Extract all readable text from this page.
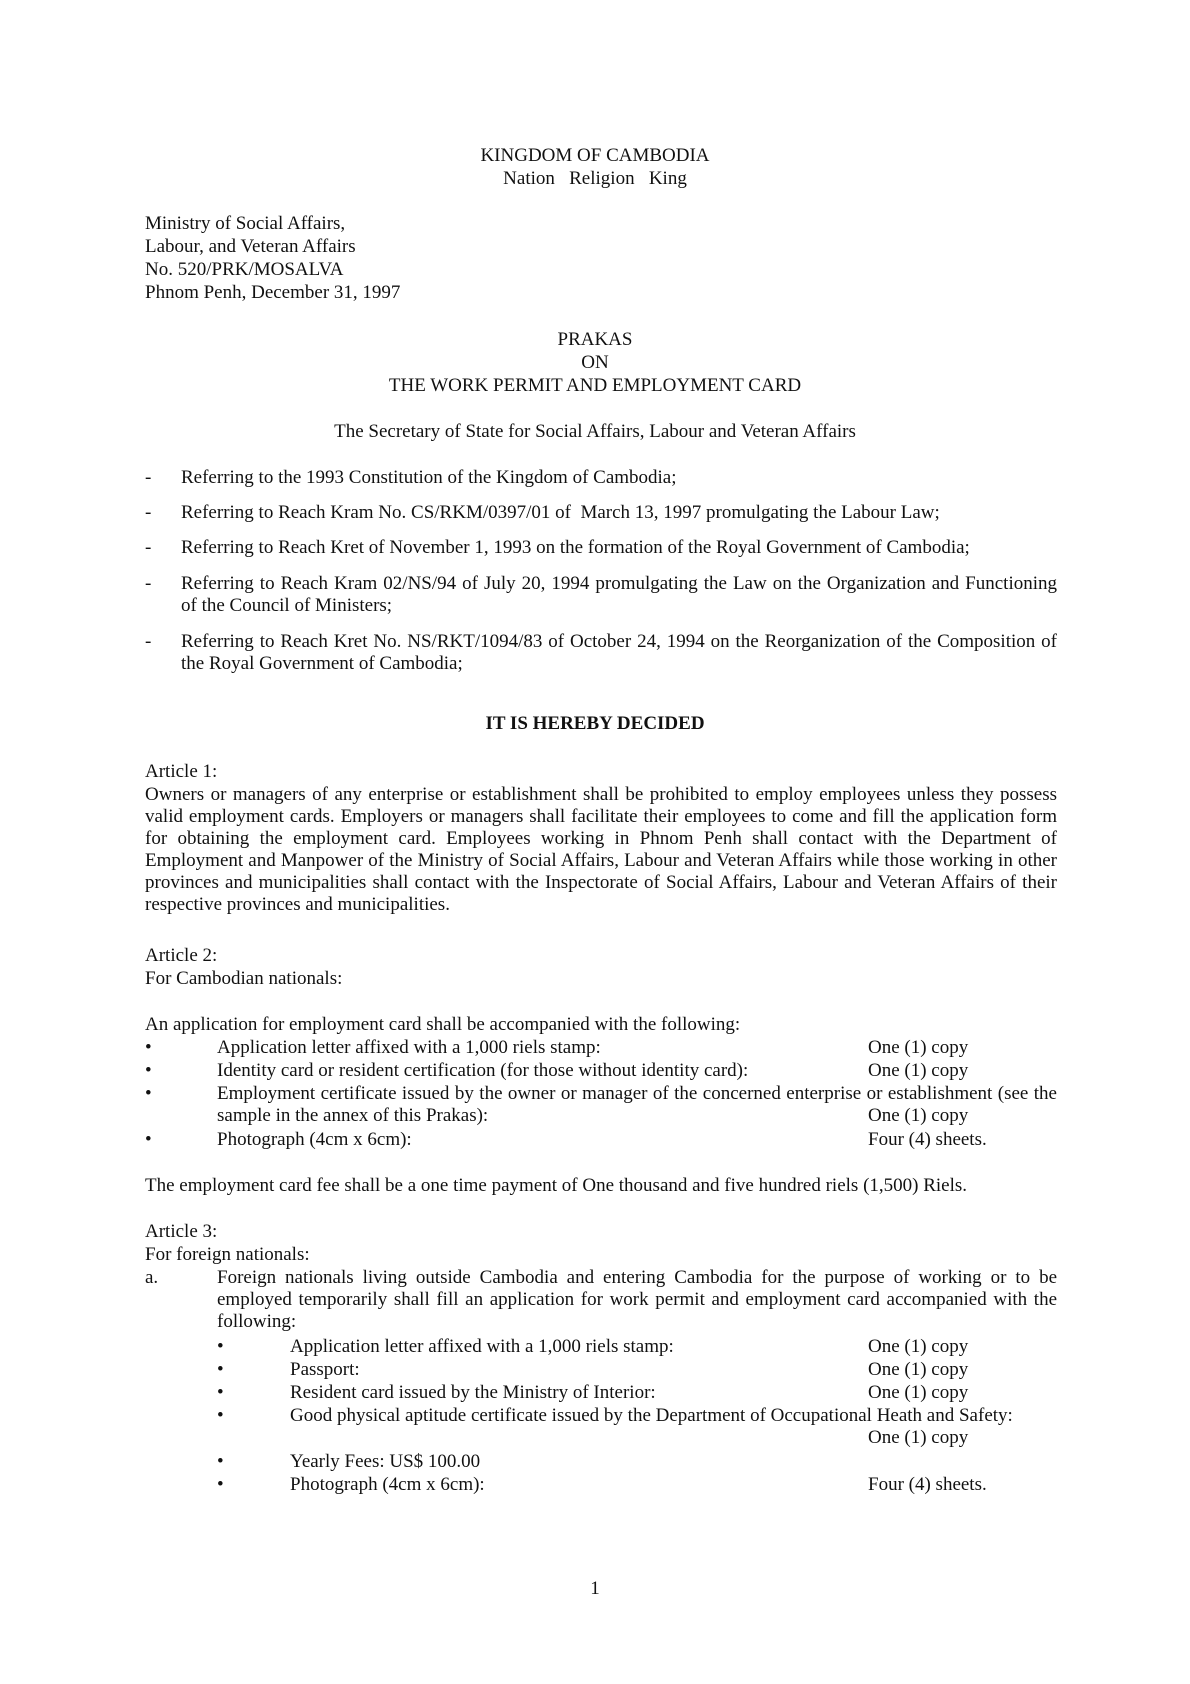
KINGDOM OF CAMBODIA
Nation   Religion   King
Ministry of Social Affairs,
Labour, and Veteran Affairs
No. 520/PRK/MOSALVA
Phnom Penh, December 31, 1997
PRAKAS
ON
THE WORK PERMIT AND EMPLOYMENT CARD
The Secretary of State for Social Affairs, Labour and Veteran Affairs
- Referring to the 1993 Constitution of the Kingdom of Cambodia;
- Referring to Reach Kram No. CS/RKM/0397/01 of  March 13, 1997 promulgating the Labour Law;
- Referring to Reach Kret of November 1, 1993 on the formation of the Royal Government of Cambodia;
- Referring to Reach Kram 02/NS/94 of July 20, 1994 promulgating the Law on the Organization and Functioning of the Council of Ministers;
- Referring to Reach Kret No. NS/RKT/1094/83 of October 24, 1994 on the Reorganization of the Composition of the Royal Government of Cambodia;
IT IS HEREBY DECIDED
Article 1:
Owners or managers of any enterprise or establishment shall be prohibited to employ employees unless they possess valid employment cards. Employers or managers shall facilitate their employees to come and fill the application form for obtaining the employment card. Employees working in Phnom Penh shall contact with the Department of Employment and Manpower of the Ministry of Social Affairs, Labour and Veteran Affairs while those working in other provinces and municipalities shall contact with the Inspectorate of Social Affairs, Labour and Veteran Affairs of their respective provinces and municipalities.
Article 2:
For Cambodian nationals:
An application for employment card shall be accompanied with the following:
•	Application letter affixed with a 1,000 riels stamp:	One (1) copy
•	Identity card or resident certification (for those without identity card):	One (1) copy
•	Employment certificate issued by the owner or manager of the concerned enterprise or establishment (see the sample in the annex of this Prakas):	One (1) copy
•	Photograph (4cm x 6cm):	Four (4) sheets.
The employment card fee shall be a one time payment of One thousand and five hundred riels (1,500) Riels.
Article 3:
For foreign nationals:
a.	Foreign nationals living outside Cambodia and entering Cambodia for the purpose of working or to be employed temporarily shall fill an application for work permit and employment card accompanied with the following:
•	Application letter affixed with a 1,000 riels stamp:	One (1) copy
•	Passport:	One (1) copy
•	Resident card issued by the Ministry of Interior:	One (1) copy
•	Good physical aptitude certificate issued by the Department of Occupational Heath and Safety:
One (1) copy
•	Yearly Fees: US$ 100.00
•	Photograph (4cm x 6cm):	Four (4) sheets.
1
